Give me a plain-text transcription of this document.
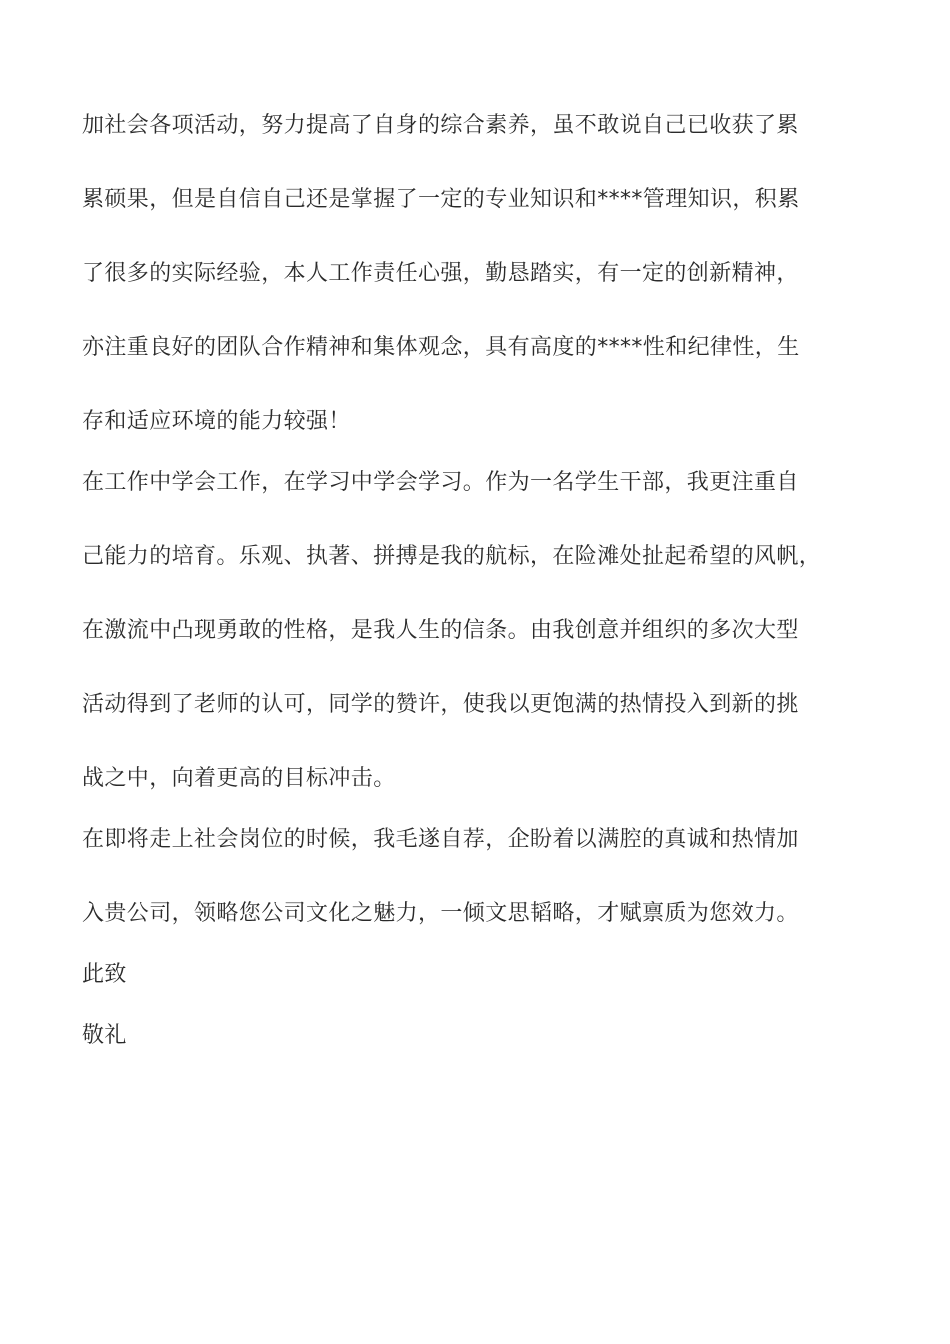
加社会各项活动，努力提高了自身的综合素养，虽不敢说自己已收获了累

累硕果，但是自信自己还是掌握了一定的专业知识和****管理知识，积累

了很多的实际经验，本人工作责任心强，勤恳踏实，有一定的创新精神，

亦注重良好的团队合作精神和集体观念，具有高度的****性和纪律性，生

存和适应环境的能力较强！

在工作中学会工作，在学习中学会学习。作为一名学生干部，我更注重自

己能力的培育。乐观、执著、拼搏是我的航标，在险滩处扯起希望的风帆，

在激流中凸现勇敢的性格，是我人生的信条。由我创意并组织的多次大型

活动得到了老师的认可，同学的赞许，使我以更饱满的热情投入到新的挑

战之中，向着更高的目标冲击。

在即将走上社会岗位的时候，我毛遂自荐，企盼着以满腔的真诚和热情加

入贵公司，领略您公司文化之魅力，一倾文思韬略，才赋禀质为您效力。

此致

敬礼
